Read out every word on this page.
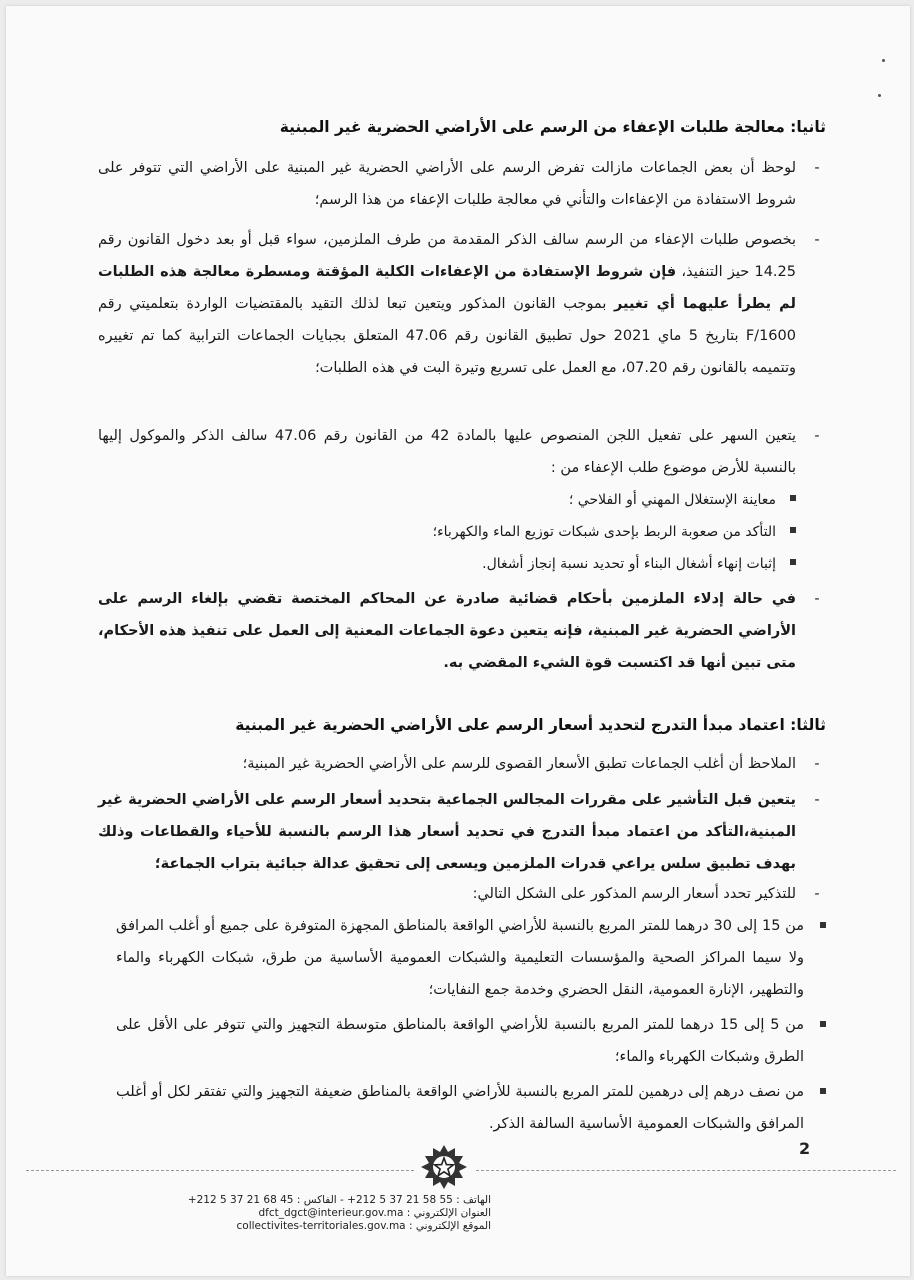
ثانيا: معالجة طلبات الإعفاء من الرسم على الأراضي الحضرية غير المبنية
-
لوحظ أن بعض الجماعات مازالت تفرض الرسم على الأراضي الحضرية غير المبنية على الأراضي التي تتوفر على شروط الاستفادة من الإعفاءات والتأني في معالجة طلبات الإعفاء من هذا الرسم؛
-
بخصوص طلبات الإعفاء من الرسم سالف الذكر المقدمة من طرف الملزمين، سواء قبل أو بعد دخول القانون رقم 14.25 حيز التنفيذ، فإن شروط الإستفادة من الإعفاءات الكلية المؤقتة ومسطرة معالجة هذه الطلبات لم يطرأ عليهما أي تغيير بموجب القانون المذكور ويتعين تبعا لذلك التقيد بالمقتضيات الواردة بتعلميتي رقم F/1600 بتاريخ 5 ماي 2021 حول تطبيق القانون رقم 47.06 المتعلق بجبايات الجماعات الترابية كما تم تغييره وتتميمه بالقانون رقم 07.20، مع العمل على تسريع وتيرة البت في هذه الطلبات؛
-
يتعين السهر على تفعيل اللجن المنصوص عليها بالمادة 42 من القانون رقم 47.06 سالف الذكر والموكول إليها بالنسبة للأرض موضوع طلب الإعفاء من :
معاينة الإستغلال المهني أو الفلاحي ؛
التأكد من صعوبة الربط بإحدى شبكات توزيع الماء والكهرباء؛
إثبات إنهاء أشغال البناء أو تحديد نسبة إنجاز أشغال.
-
في حالة إدلاء الملزمين بأحكام قضائية صادرة عن المحاكم المختصة تقضي بإلغاء الرسم على الأراضي الحضرية غير المبنية، فإنه يتعين دعوة الجماعات المعنية إلى العمل على تنفيذ هذه الأحكام، متى تبين أنها قد اكتسبت قوة الشيء المقضي به.
ثالثا: اعتماد مبدأ التدرج لتحديد أسعار الرسم على الأراضي الحضرية غير المبنية
-
الملاحظ أن أغلب الجماعات تطبق الأسعار القصوى للرسم على الأراضي الحضرية غير المبنية؛
-
يتعين قبل التأشير على مقررات المجالس الجماعية بتحديد أسعار الرسم على الأراضي الحضرية غير المبنية،التأكد من اعتماد مبدأ التدرج في تحديد أسعار هذا الرسم بالنسبة للأحياء والقطاعات وذلك بهدف تطبيق سلس يراعي قدرات الملزمين ويسعى إلى تحقيق عدالة جبائية بتراب الجماعة؛
-
للتذكير تحدد أسعار الرسم المذكور على الشكل التالي:
من 15 إلى 30 درهما للمتر المربع بالنسبة للأراضي الواقعة بالمناطق المجهزة المتوفرة على جميع أو أغلب المرافق ولا سيما المراكز الصحية والمؤسسات التعليمية والشبكات العمومية الأساسية من طرق، شبكات الكهرباء والماء والتطهير، الإنارة العمومية، النقل الحضري وخدمة جمع النفايات؛
من 5 إلى 15 درهما للمتر المربع بالنسبة للأراضي الواقعة بالمناطق متوسطة التجهيز والتي تتوفر على الأقل على الطرق وشبكات الكهرباء والماء؛
من نصف درهم إلى درهمين للمتر المربع بالنسبة للأراضي الواقعة بالمناطق ضعيفة التجهيز والتي تفتقر لكل أو أغلب المرافق والشبكات العمومية الأساسية السالفة الذكر.
2
الهاتف : +212 5 37 21 58 55 - الفاكس : +212 5 37 21 68 45
العنوان الإلكتروني : dfct_dgct@interieur.gov.ma
الموقع الإلكتروني : collectivites-territoriales.gov.ma
